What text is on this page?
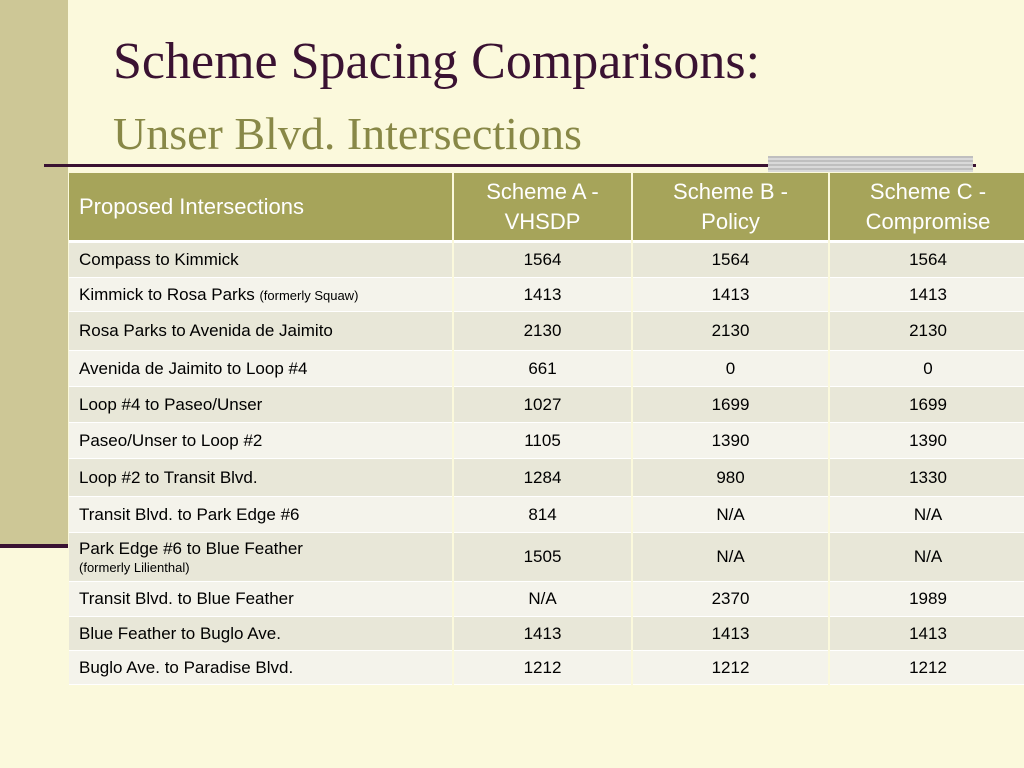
Scheme Spacing Comparisons:
Unser Blvd. Intersections
Proposed Intersections	Scheme A - VHSDP	Scheme B - Policy	Scheme C - Compromise
Compass to Kimmick	1564	1564	1564
Kimmick to Rosa Parks (formerly Squaw)	1413	1413	1413
Rosa Parks to Avenida de Jaimito	2130	2130	2130
Avenida de Jaimito to Loop #4	661	0	0
Loop #4 to Paseo/Unser	1027	1699	1699
Paseo/Unser to Loop #2	1105	1390	1390
Loop #2 to Transit Blvd.	1284	980	1330
Transit Blvd. to Park Edge #6	814	N/A	N/A

Park Edge #6 to Blue Feather
(formerly Lilienthal)	1505	N/A	N/A
Transit Blvd. to Blue Feather	N/A	2370	1989
Blue Feather to Buglo Ave.	1413	1413	1413
Buglo Ave. to Paradise Blvd.	1212	1212	1212
